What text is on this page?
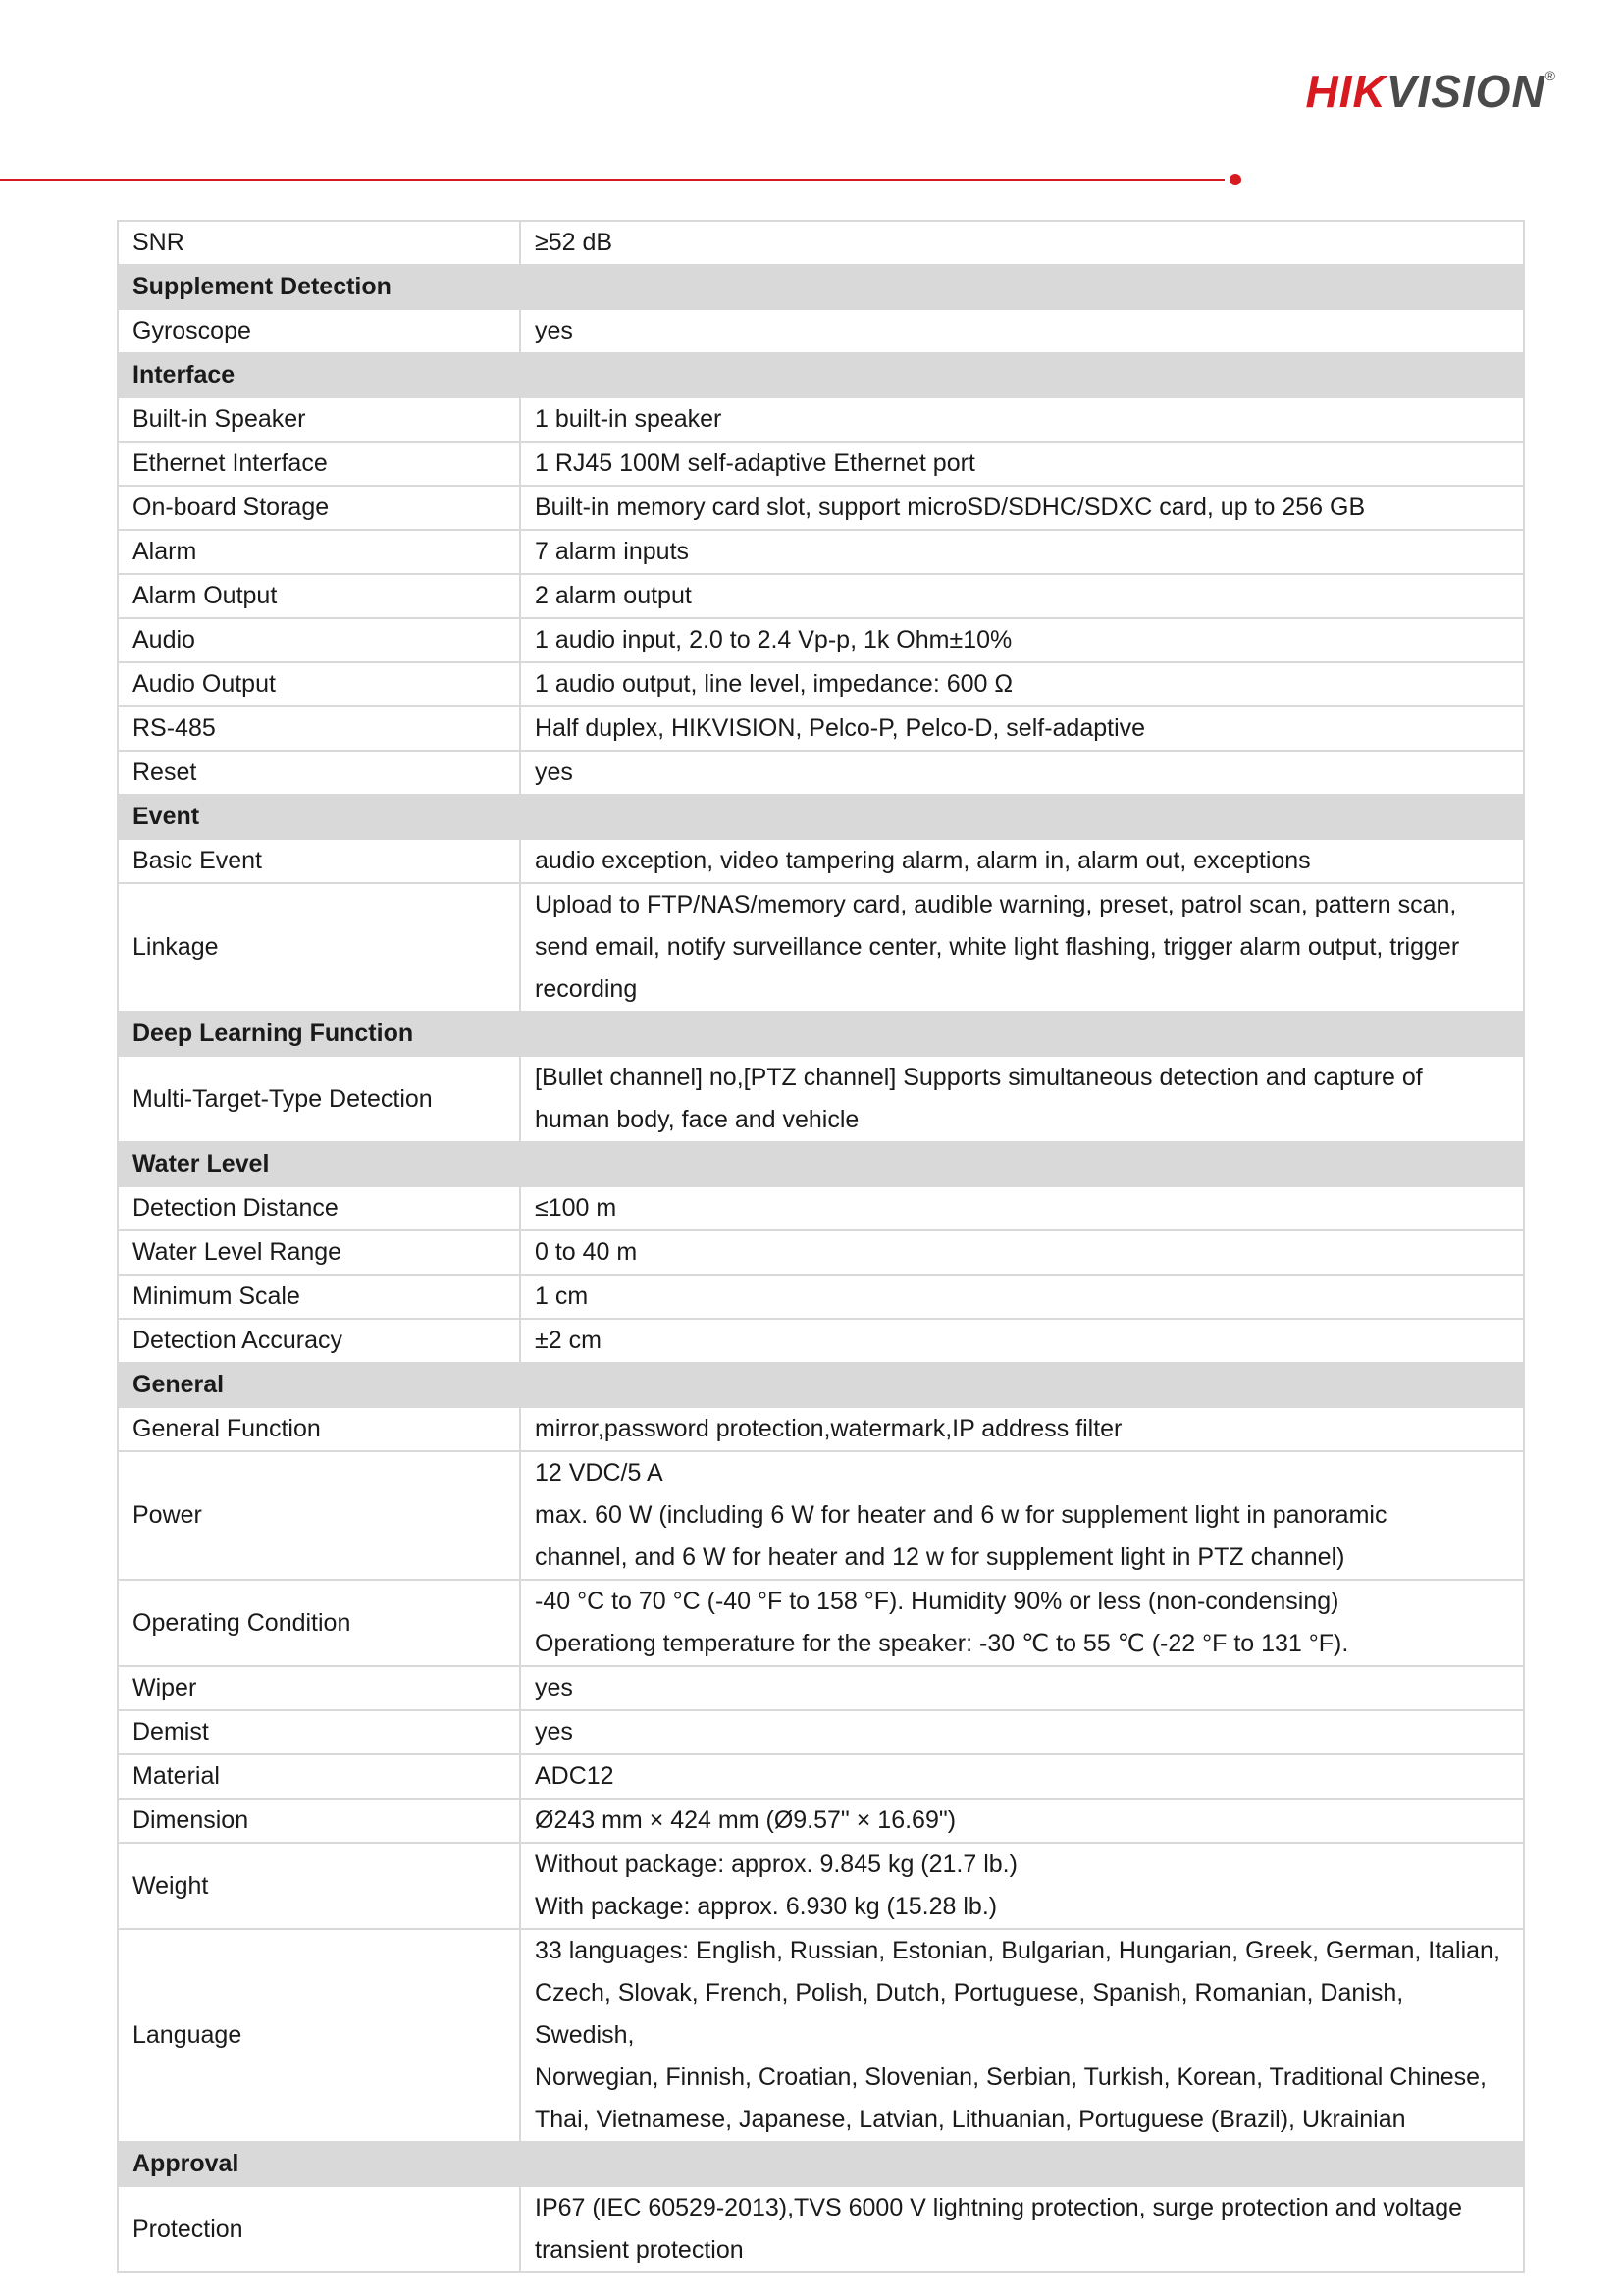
HIKVISION®
SNR	≥52 dB

Supplement Detection	
Gyroscope	yes

Interface	
Built-in Speaker	1 built-in speaker

Ethernet Interface	1 RJ45 100M self-adaptive Ethernet port

On-board Storage	Built-in memory card slot, support microSD/SDHC/SDXC card, up to 256 GB

Alarm	7 alarm inputs

Alarm Output	2 alarm output

Audio	1 audio input, 2.0 to 2.4 Vp-p, 1k Ohm±10%

Audio Output	1 audio output, line level, impedance: 600 Ω

RS-485	Half duplex, HIKVISION, Pelco-P, Pelco-D, self-adaptive

Reset	yes

Event	
Basic Event	audio exception, video tampering alarm, alarm in, alarm out, exceptions

Linkage	Upload to FTP/NAS/memory card, audible warning, preset, patrol scan, pattern scan,
send email, notify surveillance center, white light flashing, trigger alarm output, trigger
recording

Deep Learning Function	
Multi-Target-Type Detection	[Bullet channel] no,[PTZ channel] Supports simultaneous detection and capture of
human body, face and vehicle

Water Level	
Detection Distance	≤100 m

Water Level Range	0 to 40 m

Minimum Scale	1 cm

Detection Accuracy	±2 cm

General	
General Function	mirror,password protection,watermark,IP address filter

Power	12 VDC/5 A
max. 60 W (including 6 W for heater and 6 w for supplement light in panoramic
channel, and 6 W for heater and 12 w for supplement light in PTZ channel)

Operating Condition	-40 °C to 70 °C (-40 °F to 158 °F). Humidity 90% or less (non-condensing)
Operationg temperature for the speaker: -30 ℃ to 55 ℃ (-22 °F to 131 °F).

Wiper	yes

Demist	yes

Material	ADC12

Dimension	Ø243 mm × 424 mm (Ø9.57" × 16.69")

Weight	Without package: approx. 9.845 kg (21.7 lb.)
With package: approx. 6.930 kg (15.28 lb.)

Language	33 languages: English, Russian, Estonian, Bulgarian, Hungarian, Greek, German, Italian,
Czech, Slovak, French, Polish, Dutch, Portuguese, Spanish, Romanian, Danish, Swedish,
Norwegian, Finnish, Croatian, Slovenian, Serbian, Turkish, Korean, Traditional Chinese,
Thai, Vietnamese, Japanese, Latvian, Lithuanian, Portuguese (Brazil), Ukrainian

Approval	
Protection	IP67 (IEC 60529-2013),TVS 6000 V lightning protection, surge protection and voltage
transient protection
